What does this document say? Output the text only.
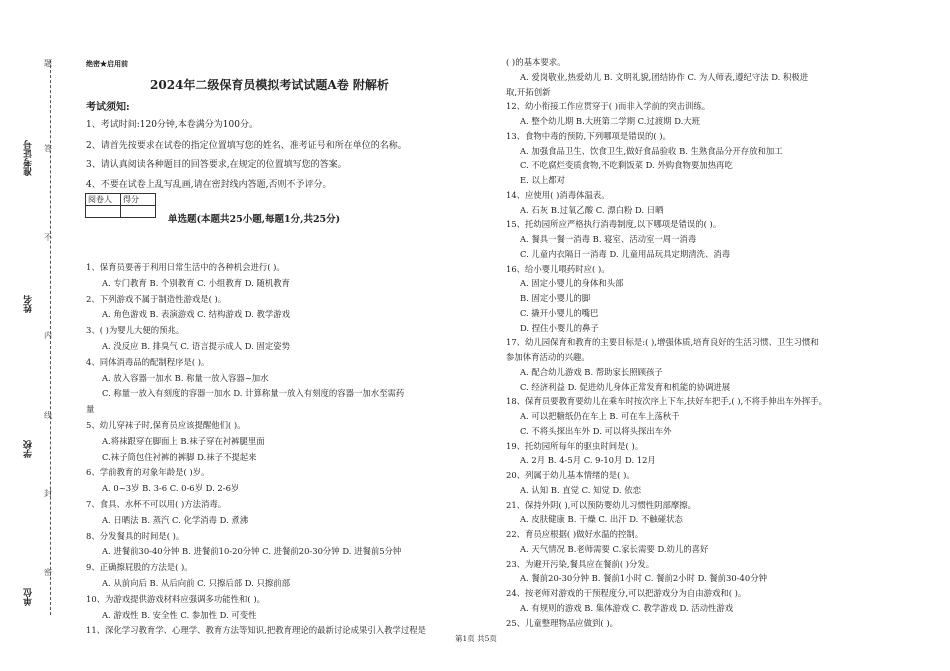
题
答
不
内
线
封
密
准考证号
姓名
学校
单位
绝密★启用前
2024年二级保育员模拟考试试题A卷 附解析
考试须知:
1、考试时间:120分钟,本卷满分为100分。
2、请首先按要求在试卷的指定位置填写您的姓名、准考证号和所在单位的名称。
3、请认真阅读各种题目的回答要求,在规定的位置填写您的答案。
4、不要在试卷上乱写乱画,请在密封线内答题,否则不予评分。
阅卷人	得分

单选题(本题共25小题,每题1分,共25分)
1、保育员要善于利用日常生活中的各种机会进行( )。
A. 专门教育 B. 个别教育 C. 小组教育 D. 随机教育
2、下列游戏不属于制造性游戏是( )。
A. 角色游戏 B. 表演游戏 C. 结构游戏 D. 教学游戏
3、( )为婴儿大便的预兆。
A. 没反应 B. 排臭气 C. 语言提示成人 D. 固定姿势
4、同体消毒品的配制程序是( )。
A. 放入容器一加水 B. 称量一放入容器~加水
C. 称量一放入有刻度的容器一加水 D. 计算称量一放入有刻度的容器一加水至需药
量
5、幼儿穿袜子时,保育员应该提醒他们( )。
A.将袜跟穿在脚面上 B.袜子穿在衬裤腿里面
C.袜子筒包住衬裤的裤脚 D.袜子不提起来
6、学前教育的对象年龄是( )岁。
A. 0~3岁 B. 3-6 C. 0-6岁 D. 2-6岁
7、食具、水杯不可以用( )方法消毒。
A. 日晒法 B. 蒸汽 C. 化学消毒 D. 煮沸
8、分发餐具的时间是( )。
A. 进餐前30-40分钟 B. 进餐前10-20分钟 C. 进餐前20-30分钟 D. 进餐前5分钟
9、正确擦屁股的方法是( )。
A. 从前向后 B. 从后向前 C. 只擦后部 D. 只擦前部
10、为游戏提供游戏材料应强调多功能性和( )。
A. 游戏性 B. 安全性 C. 参加性 D. 可变性
11、深化学习教育学、心理学、教育方法等知识,把教育理论的最新讨论成果引入教学过程是
( )的基本要求。
A. 爱岗敬业,热爱幼儿 B. 文明礼貌,团结协作 C. 为人师表,遵纪守法 D. 积极进
取,开拓创新
12、幼小衔接工作应贯穿于( )而非入学前的突击训练。
A. 整个幼儿期 B.大班第二学期 C.过渡期 D.大班
13、食物中毒的预防,下列哪项是错误的( )。
A. 加强食品卫生、饮食卫生,做好食品验收 B. 生熟食品分开存放和加工
C. 不吃腐烂变质食物,不吃剩饭菜 D. 外购食物要加热再吃
E. 以上都对
14、应使用( )消毒体温表。
A. 石灰 B.过氧乙酸 C. 漂白粉 D. 日晒
15、托幼园所应严格执行消毒制度,以下哪项是错误的( )。
A. 餐具一餐一消毒 B. 寝室、活动室一周一消毒
C. 儿童内衣隔日一消毒 D. 儿童用品玩具定期清洗、消毒
16、给小婴儿喂药时应( )。
A. 固定小婴儿的身体和头部
B. 固定小婴儿的脚
C. 撬开小婴儿的嘴巴
D. 捏住小婴儿的鼻子
17、幼儿园保育和教育的主要目标是:( ),增强体质,培育良好的生活习惯、卫生习惯和
参加体育活动的兴趣。
A. 配合幼儿游戏 B. 帮助家长照顾孩子
C. 经济利益 D. 促进幼儿身体正常发育和机能的协调进展
18、保育员要教育要幼儿在乘车时按次序上下车,扶好车把手,( ),不将手伸出车外挥手。
A. 可以把糖纸仍在车上 B. 可在车上荡秋千
C. 不将头探出车外 D. 可以将头探出车外
19、托幼园所每年的驱虫时间是( )。
A. 2月 B. 4-5月 C. 9-10月 D. 12月
20、列属于幼儿基本情绪的是( )。
A. 认知 B. 直觉 C. 知觉 D. 依恋
21、保持外阴( ),可以预防婴幼儿习惯性阴部摩擦。
A. 皮肤健康 B. 干燥 C. 出汗 D. 不触碰状态
22、育员应根据( )做好水温的控制。
A. 天气情况 B.老师需要 C.家长需要 D.幼儿的喜好
23、为避开污染,餐具应在餐前( )分发。
A. 餐前20-30分钟 B. 餐前1小时 C. 餐前2小时 D. 餐前30-40分钟
24、按老师对游戏的干预程度分,可以把游戏分为自由游戏和( )。
A. 有规则的游戏 B. 集体游戏 C. 教学游戏 D. 活动性游戏
25、儿童整理物品应做到( )。
第1页 共5页
